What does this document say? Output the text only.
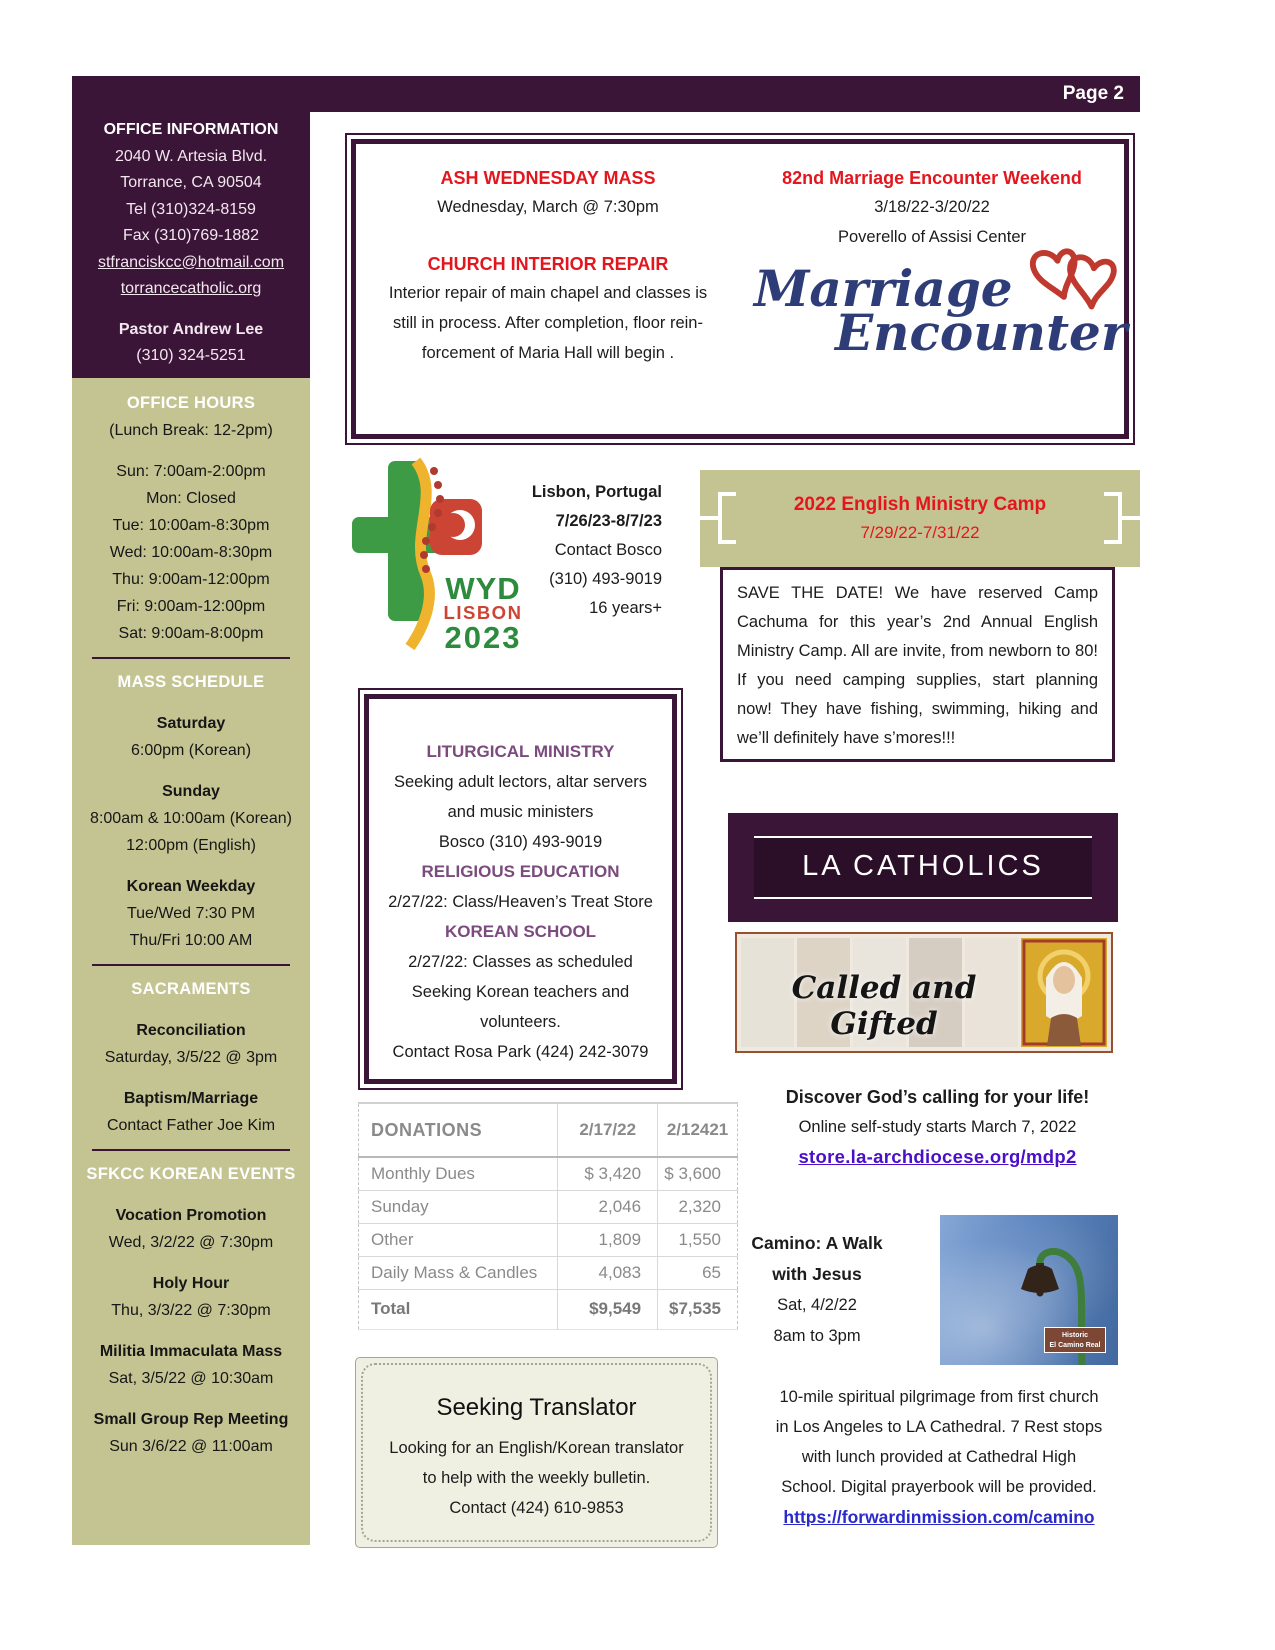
Page 2
OFFICE INFORMATION
2040 W. Artesia Blvd.
Torrance, CA 90504
Tel (310)324-8159
Fax (310)769-1882
stfranciskcc@hotmail.com
torrancecatholic.org
Pastor Andrew Lee
(310) 324-5251
OFFICE HOURS
(Lunch Break: 12-2pm)
Sun: 7:00am-2:00pm
Mon: Closed
Tue: 10:00am-8:30pm
Wed: 10:00am-8:30pm
Thu: 9:00am-12:00pm
Fri: 9:00am-12:00pm
Sat: 9:00am-8:00pm
MASS SCHEDULE
Saturday
6:00pm (Korean)
Sunday
8:00am & 10:00am (Korean)
12:00pm (English)
Korean Weekday
Tue/Wed 7:30 PM
Thu/Fri 10:00 AM
SACRAMENTS
Reconciliation
Saturday, 3/5/22 @ 3pm
Baptism/Marriage
Contact Father Joe Kim
SFKCC KOREAN EVENTS
Vocation Promotion
Wed, 3/2/22 @ 7:30pm
Holy Hour
Thu, 3/3/22 @ 7:30pm
Militia Immaculata Mass
Sat, 3/5/22 @ 10:30am
Small Group Rep Meeting
Sun 3/6/22 @ 11:00am
ASH WEDNESDAY MASS
Wednesday, March @ 7:30pm
CHURCH INTERIOR REPAIR
Interior repair of main chapel and classes is
still in process. After completion, floor rein-
forcement of Maria Hall will begin .
82nd Marriage Encounter Weekend
3/18/22-3/20/22
Poverello of Assisi Center
Marriage
Encounter
WYD
LISBON
2023
Lisbon, Portugal
7/26/23-8/7/23
Contact Bosco
(310) 493-9019
16 years+
2022 English Ministry Camp
7/29/22-7/31/22
SAVE THE DATE! We have reserved Camp Cachuma for this year’s 2nd Annual English Ministry Camp. All are invite, from newborn to 80! If you need camping supplies, start planning now! They have fishing, swimming, hiking and we’ll definitely have s’mores!!!
LITURGICAL MINISTRY
Seeking adult lectors, altar servers
and music ministers
Bosco (310) 493-9019
RELIGIOUS EDUCATION
2/27/22: Class/Heaven’s Treat Store
KOREAN SCHOOL
2/27/22: Classes as scheduled
Seeking Korean teachers and
volunteers.
Contact Rosa Park (424) 242-3079
LA CATHOLICS
Called and Gifted
Discover God’s calling for your life!
Online self-study starts March 7, 2022
store.la-archdiocese.org/mdp2
DONATIONS	2/17/22	2/12421
Monthly Dues	$ 3,420	$ 3,600
Sunday	2,046	2,320
Other	1,809	1,550
Daily Mass & Candles	4,083	65
Total	$9,549	$7,535
Camino: A Walk
with Jesus
Sat, 4/2/22
8am to 3pm	Historic
El Camino Real
Seeking Translator
Looking for an English/Korean translator
to help with the weekly bulletin.
Contact (424) 610-9853
10-mile spiritual pilgrimage from first church
in Los Angeles to LA Cathedral. 7 Rest stops
with lunch provided at Cathedral High
School. Digital prayerbook will be provided.
https://forwardinmission.com/camino
